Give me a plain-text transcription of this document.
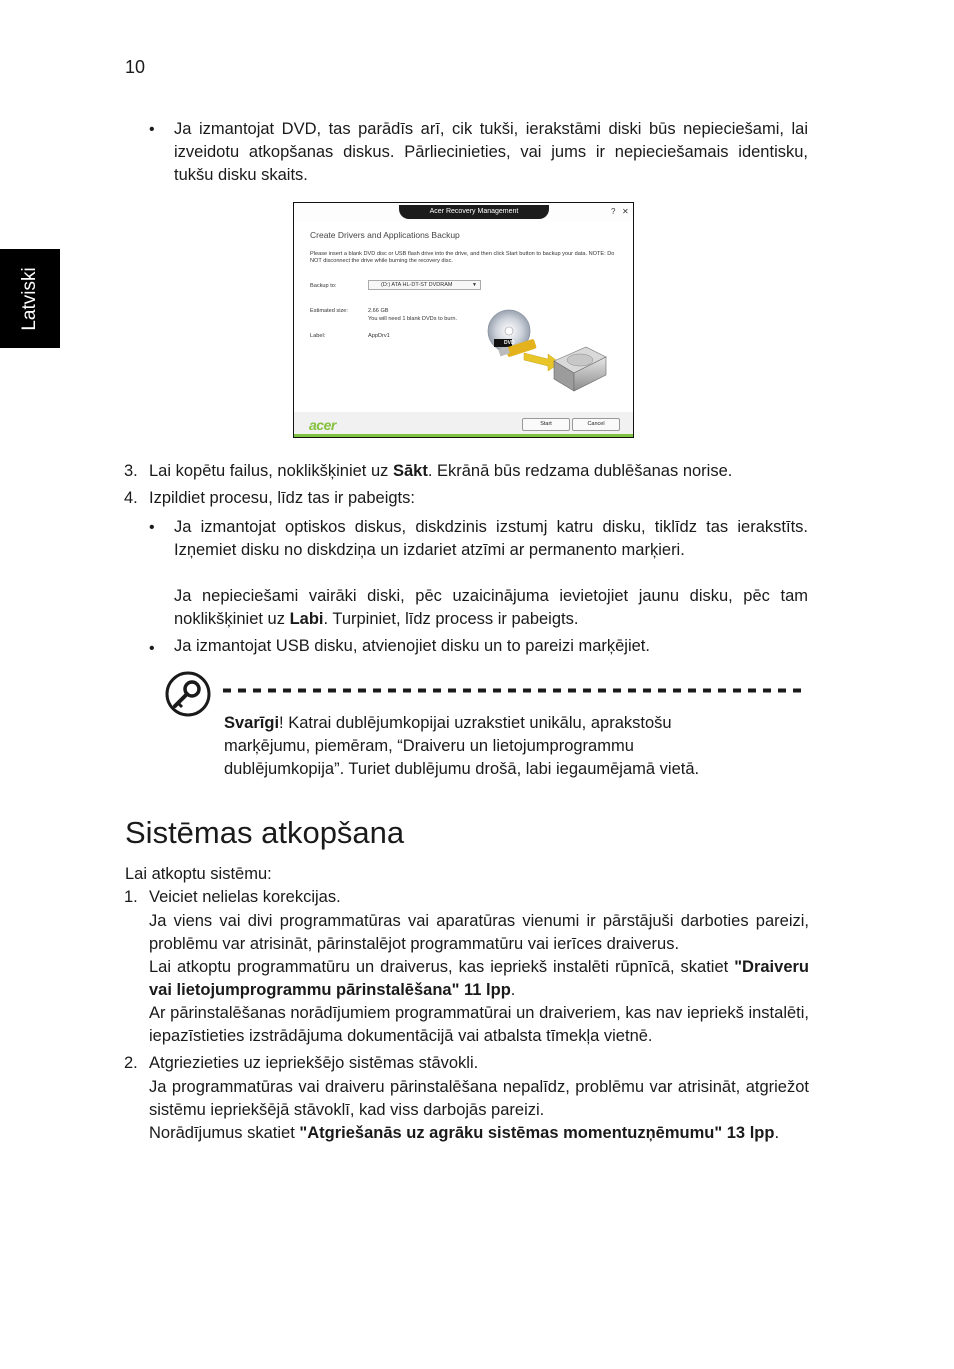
10
Latviski
• Ja izmantojat DVD, tas parādīs arī, cik tukši, ierakstāmi diski būs nepieciešami, lai izveidotu atkopšanas diskus. Pārliecinieties, vai jums ir nepieciešamais identisku, tukšu disku skaits.
Acer Recovery Management	? ✕
Create Drivers and Applications Backup
Please insert a blank DVD disc or USB flash drive into the drive, and then click Start button to backup your data. NOTE: Do NOT disconnect the drive while burning the recovery disc.
Backup to:	(D:) ATA HL-DT-ST DVDRAM	▼
Estimated size:	2.66 GB
You will need 1 blank DVDs to burn.
Label:	AppDrv1
DVD
acer	Start	Cancel
3. Lai kopētu failus, noklikšķiniet uz Sākt. Ekrānā būs redzama dublēšanas norise.
4. Izpildiet procesu, līdz tas ir pabeigts:
• Ja izmantojat optiskos diskus, diskdzinis izstumj katru disku, tiklīdz tas ierakstīts. Izņemiet disku no diskdziņa un izdariet atzīmi ar permanento marķieri.
Ja nepieciešami vairāki diski, pēc uzaicinājuma ievietojiet jaunu disku, pēc tam noklikšķiniet uz Labi. Turpiniet, līdz process ir pabeigts.
• Ja izmantojat USB disku, atvienojiet disku un to pareizi marķējiet.
Svarīgi! Katrai dublējumkopijai uzrakstiet unikālu, aprakstošu marķējumu, piemēram, “Draiveru un lietojumprogrammu dublējumkopija”. Turiet dublējumu drošā, labi iegaumējamā vietā.
Sistēmas atkopšana
Lai atkoptu sistēmu:
1. Veiciet nelielas korekcijas.
Ja viens vai divi programmatūras vai aparatūras vienumi ir pārstājuši darboties pareizi, problēmu var atrisināt, pārinstalējot programmatūru vai ierīces draiverus.
Lai atkoptu programmatūru un draiverus, kas iepriekš instalēti rūpnīcā, skatiet "Draiveru vai lietojumprogrammu pārinstalēšana" 11 lpp.
Ar pārinstalēšanas norādījumiem programmatūrai un draiveriem, kas nav iepriekš instalēti, iepazīstieties izstrādājuma dokumentācijā vai atbalsta tīmekļa vietnē.
2. Atgriezieties uz iepriekšējo sistēmas stāvokli.
Ja programmatūras vai draiveru pārinstalēšana nepalīdz, problēmu var atrisināt, atgriežot sistēmu iepriekšējā stāvoklī, kad viss darbojās pareizi.
Norādījumus skatiet "Atgriešanās uz agrāku sistēmas momentuzņēmumu" 13 lpp.
